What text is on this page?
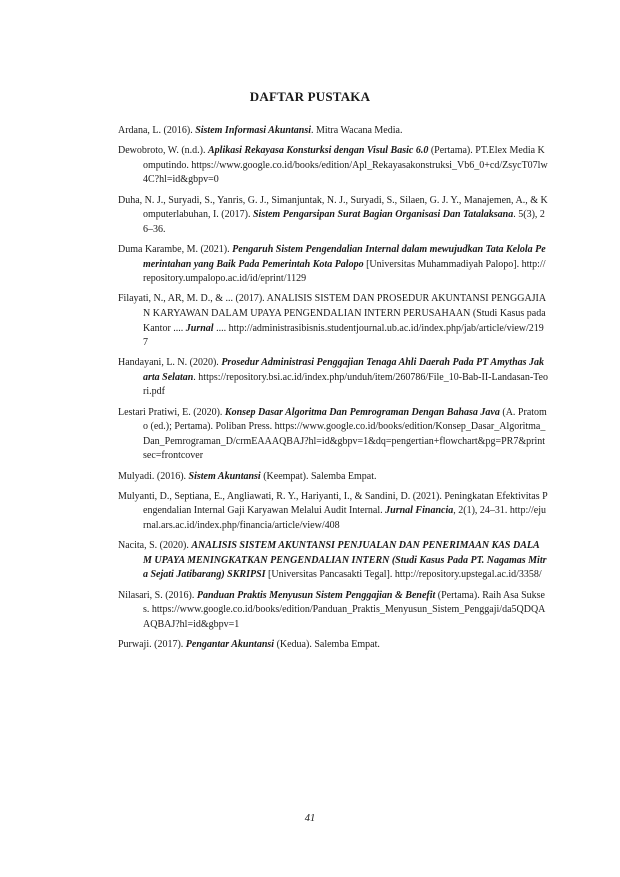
DAFTAR PUSTAKA
Ardana, L. (2016). Sistem Informasi Akuntansi. Mitra Wacana Media.
Dewobroto, W. (n.d.). Aplikasi Rekayasa Konsturksi dengan Visul Basic 6.0 (Pertama). PT.Elex Media Komputindo. https://www.google.co.id/books/edition/Apl_Rekayasakonstruksi_Vb6_0+cd/ZsycT07lw4C?hl=id&gbpv=0
Duha, N. J., Suryadi, S., Yanris, G. J., Simanjuntak, N. J., Suryadi, S., Silaen, G. J. Y., Manajemen, A., & Komputerlabuhan, I. (2017). Sistem Pengarsipan Surat Bagian Organisasi Dan Tatalaksana. 5(3), 26–36.
Duma Karambe, M. (2021). Pengaruh Sistem Pengendalian Internal dalam mewujudkan Tata Kelola Pemerintahan yang Baik Pada Pemerintah Kota Palopo [Universitas Muhammadiyah Palopo]. http://repository.umpalopo.ac.id/id/eprint/1129
Filayati, N., AR, M. D., & ... (2017). ANALISIS SISTEM DAN PROSEDUR AKUNTANSI PENGGAJIAN KARYAWAN DALAM UPAYA PENGENDALIAN INTERN PERUSAHAAN (Studi Kasus pada Kantor .... Jurnal .... http://administrasibisnis.studentjournal.ub.ac.id/index.php/jab/article/view/2197
Handayani, L. N. (2020). Prosedur Administrasi Penggajian Tenaga Ahli Daerah Pada PT Amythas Jakarta Selatan. https://repository.bsi.ac.id/index.php/unduh/item/260786/File_10-Bab-II-Landasan-Teori.pdf
Lestari Pratiwi, E. (2020). Konsep Dasar Algoritma Dan Pemrograman Dengan Bahasa Java (A. Pratomo (ed.); Pertama). Poliban Press. https://www.google.co.id/books/edition/Konsep_Dasar_Algoritma_Dan_Pemrograman_D/crmEAAAQBAJ?hl=id&gbpv=1&dq=pengertian+flowchart&pg=PR7&printsec=frontcover
Mulyadi. (2016). Sistem Akuntansi (Keempat). Salemba Empat.
Mulyanti, D., Septiana, E., Angliawati, R. Y., Hariyanti, I., & Sandini, D. (2021). Peningkatan Efektivitas Pengendalian Internal Gaji Karyawan Melalui Audit Internal. Jurnal Financia, 2(1), 24–31. http://ejurnal.ars.ac.id/index.php/financia/article/view/408
Nacita, S. (2020). ANALISIS SISTEM AKUNTANSI PENJUALAN DAN PENERIMAAN KAS DALAM UPAYA MENINGKATKAN PENGENDALIAN INTERN (Studi Kasus Pada PT. Nagamas Mitra Sejati Jatibarang) SKRIPSI [Universitas Pancasakti Tegal]. http://repository.upstegal.ac.id/3358/
Nilasari, S. (2016). Panduan Praktis Menyusun Sistem Penggajian & Benefit (Pertama). Raih Asa Sukses. https://www.google.co.id/books/edition/Panduan_Praktis_Menyusun_Sistem_Penggaji/da5QDQAAQBAJ?hl=id&gbpv=1
Purwaji. (2017). Pengantar Akuntansi (Kedua). Salemba Empat.
41
